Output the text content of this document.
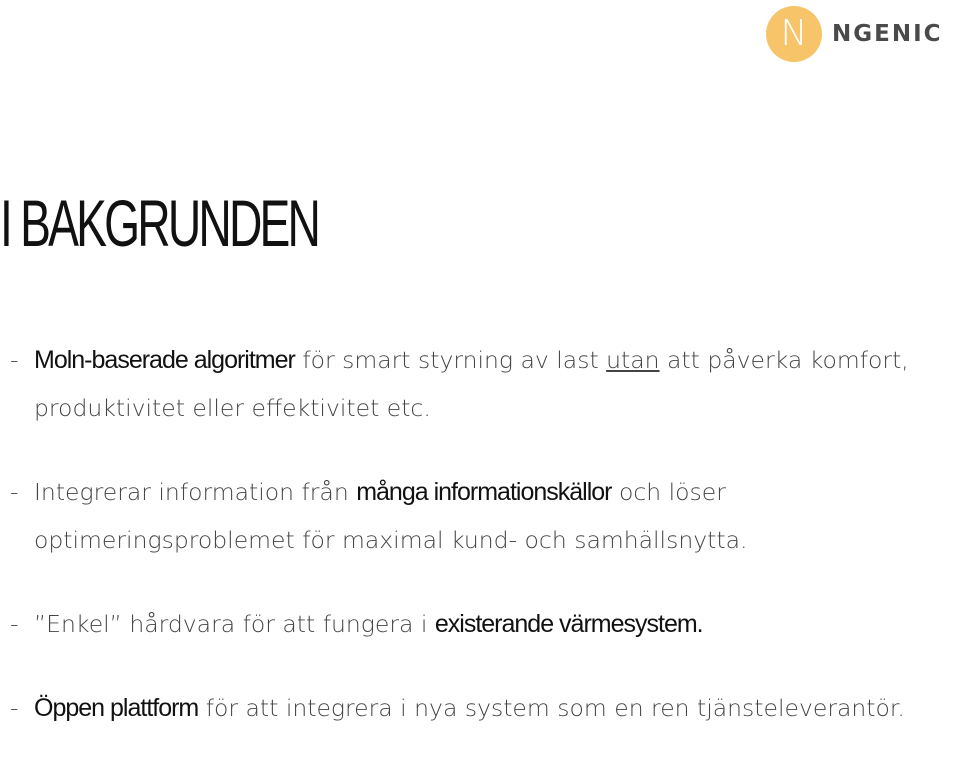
N	NGENIC
I BAKGRUNDEN
- Moln-baserade algoritmer för smart styrning av last utan att påverka komfort, produktivitet eller effektivitet etc.
- Integrerar information från många informationskällor och löser optimeringsproblemet för maximal kund- och samhällsnytta.
- ”Enkel” hårdvara för att fungera i existerande värmesystem.
- Öppen plattform för att integrera i nya system som en ren tjänsteleverantör.
